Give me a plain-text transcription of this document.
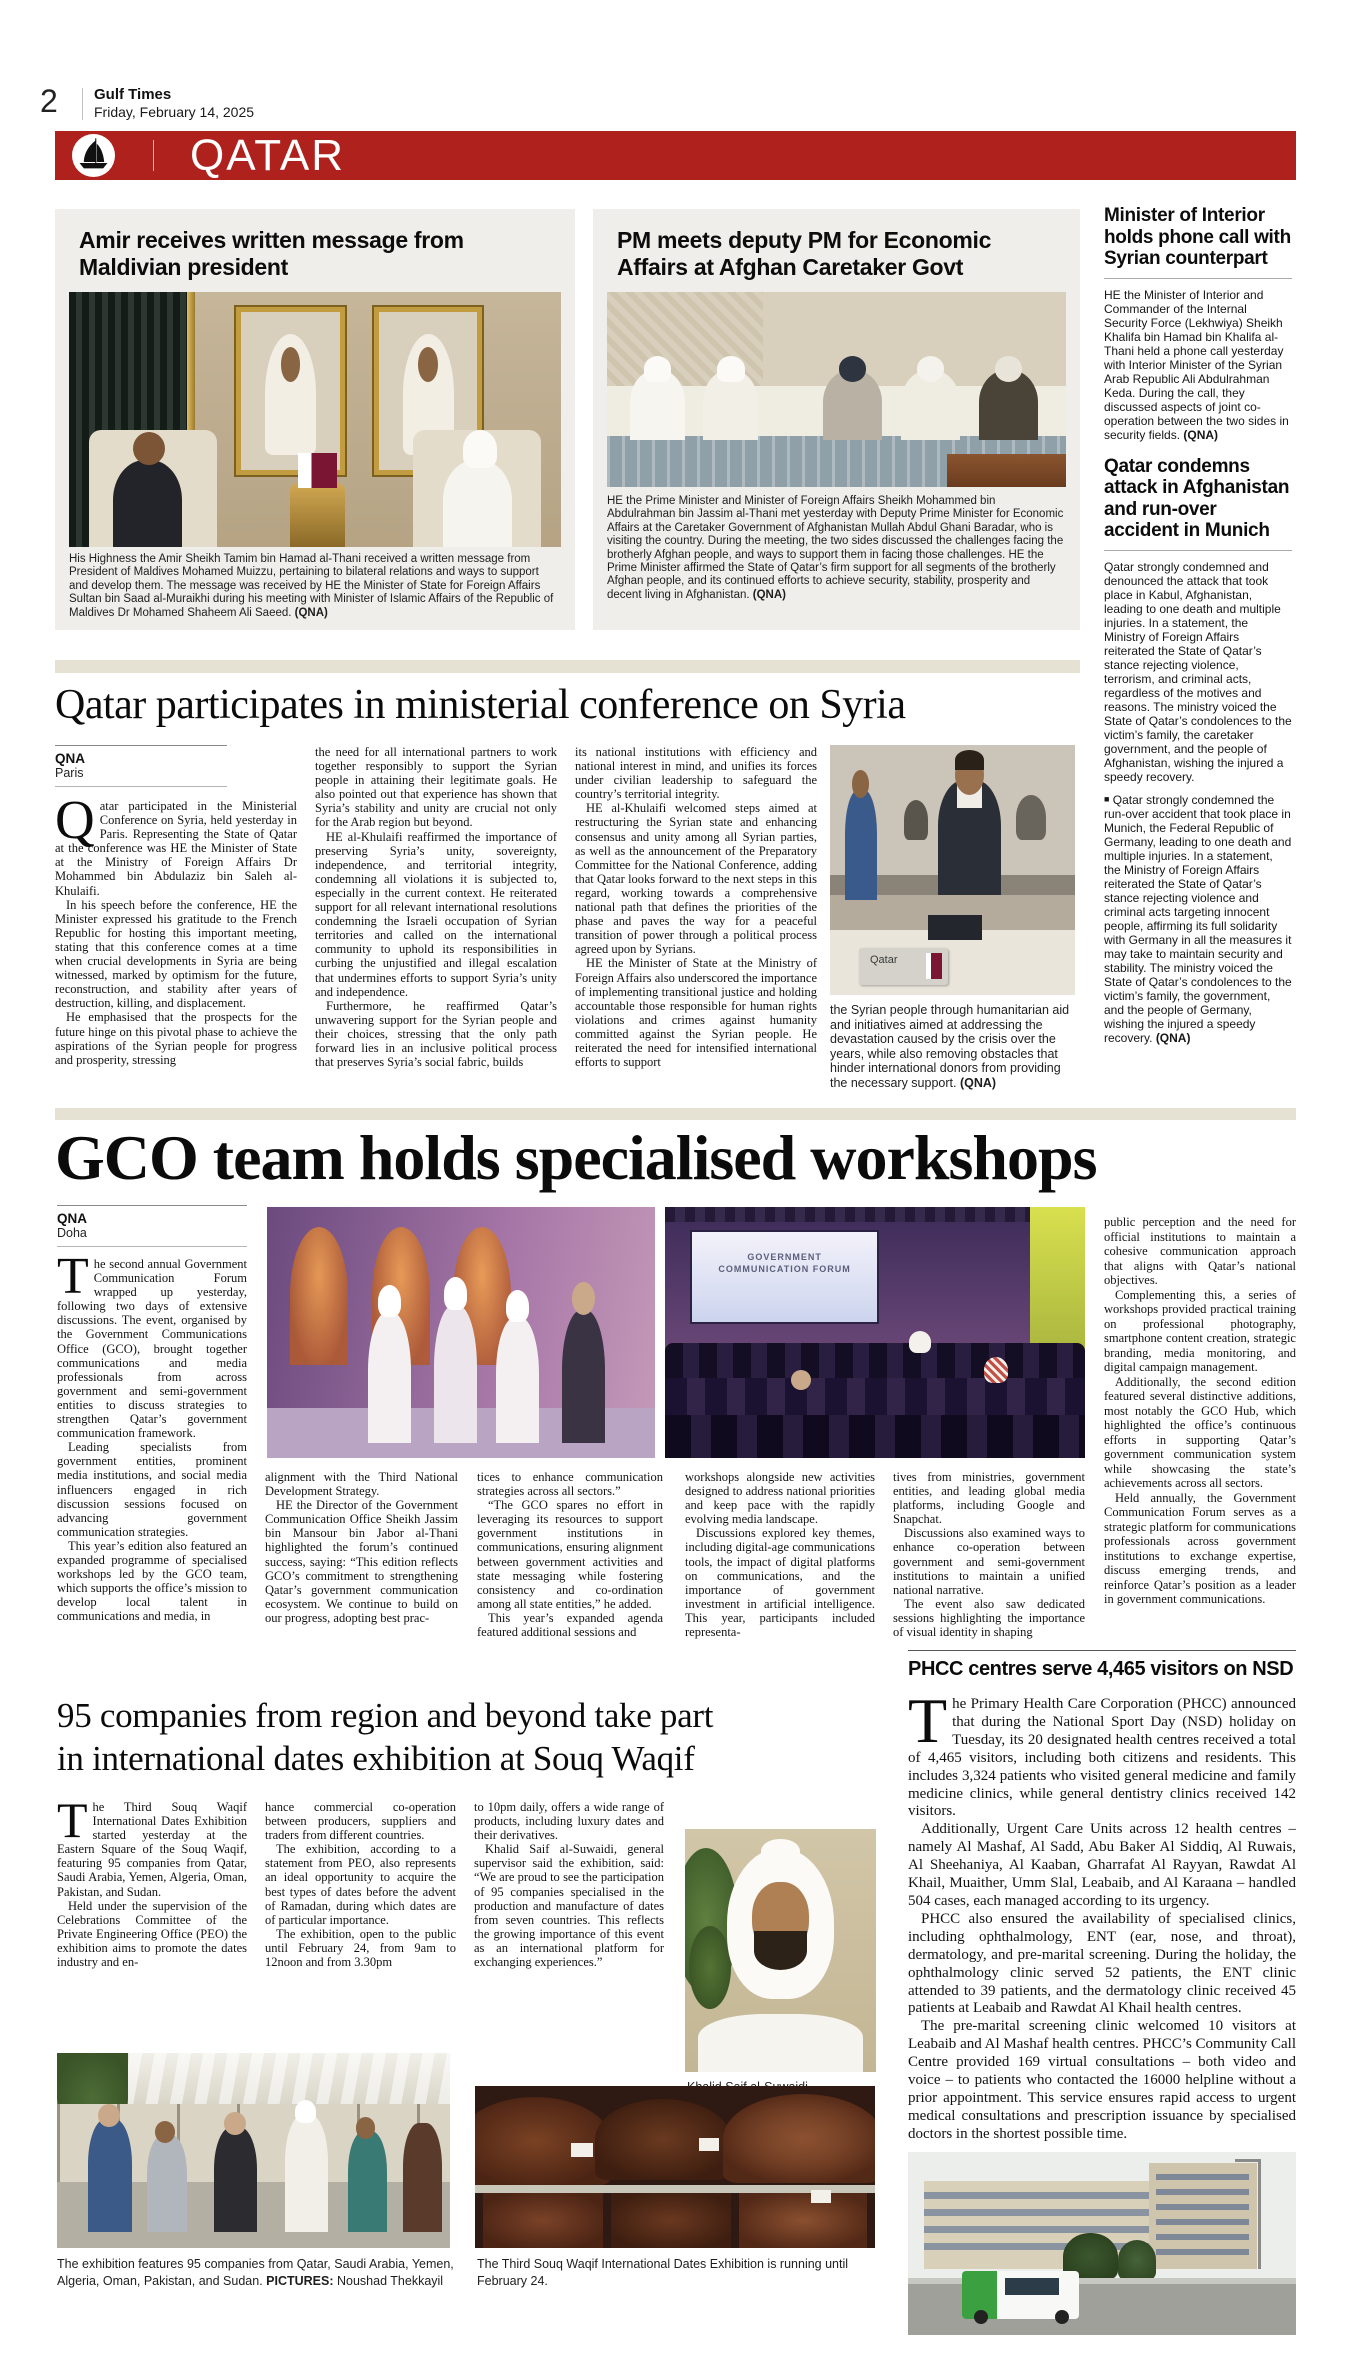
2 Gulf Times
Friday, February 14, 2025
QATAR
Amir receives written message from Maldivian president
His Highness the Amir Sheikh Tamim bin Hamad al-Thani received a written message from President of Maldives Mohamed Muizzu, pertaining to bilateral relations and ways to support and develop them. The message was received by HE the Minister of State for Foreign Affairs Sultan bin Saad al-Muraikhi during his meeting with Minister of Islamic Affairs of the Republic of Maldives Dr Mohamed Shaheem Ali Saeed. (QNA)
PM meets deputy PM for Economic Affairs at Afghan Caretaker Govt
HE the Prime Minister and Minister of Foreign Affairs Sheikh Mohammed bin Abdulrahman bin Jassim al-Thani met yesterday with Deputy Prime Minister for Economic Affairs at the Caretaker Government of Afghanistan Mullah Abdul Ghani Baradar, who is visiting the country. During the meeting, the two sides discussed the challenges facing the brotherly Afghan people, and ways to support them in facing those challenges. HE the Prime Minister affirmed the State of Qatar’s firm support for all segments of the brotherly Afghan people, and its continued efforts to achieve security, stability, prosperity and decent living in Afghanistan. (QNA)
Minister of Interior holds phone call with Syrian counterpart

HE the Minister of Interior and Commander of the Internal Security Force (Lekhwiya) Sheikh Khalifa bin Hamad bin Khalifa al-Thani held a phone call yesterday with Interior Minister of the Syrian Arab Republic Ali Abdulrahman Keda. During the call, they discussed aspects of joint co-operation between the two sides in security fields. (QNA)

Qatar condemns attack in Afghanistan and run-over accident in Munich

Qatar strongly condemned and denounced the attack that took place in Kabul, Afghanistan, leading to one death and multiple injuries. In a statement, the Ministry of Foreign Affairs reiterated the State of Qatar’s stance rejecting violence, terrorism, and criminal acts, regardless of the motives and reasons. The ministry voiced the State of Qatar’s condolences to the victim’s family, the caretaker government, and the people of Afghanistan, wishing the injured a speedy recovery.

■ Qatar strongly condemned the run-over accident that took place in Munich, the Federal Republic of Germany, leading to one death and multiple injuries. In a statement, the Ministry of Foreign Affairs reiterated the State of Qatar’s stance rejecting violence and criminal acts targeting innocent people, affirming its full solidarity with Germany in all the measures it may take to maintain security and stability. The ministry voiced the State of Qatar’s condolences to the victim’s family, the government, and the people of Germany, wishing the injured a speedy recovery. (QNA)

Qatar participates in ministerial conference on Syria
QNA
Paris

Qatar participated in the Ministerial Conference on Syria, held yesterday in Paris. Representing the State of Qatar at the conference was HE the Minister of State at the Ministry of Foreign Affairs Dr Mohammed bin Abdulaziz bin Saleh al-Khulaifi.

In his speech before the conference, HE the Minister expressed his gratitude to the French Republic for hosting this important meeting, stating that this conference comes at a time when crucial developments in Syria are being witnessed, marked by optimism for the future, reconstruction, and stability after years of destruction, killing, and displacement.

He emphasised that the prospects for the future hinge on this pivotal phase to achieve the aspirations of the Syrian people for progress and prosperity, stressing

the need for all international partners to work together responsibly to support the Syrian people in attaining their legitimate goals. He also pointed out that experience has shown that Syria’s stability and unity are crucial not only for the Arab region but beyond.

HE al-Khulaifi reaffirmed the importance of preserving Syria’s unity, sovereignty, independence, and territorial integrity, condemning all violations it is subjected to, especially in the current context. He reiterated support for all relevant international resolutions condemning the Israeli occupation of Syrian territories and called on the international community to uphold its responsibilities in curbing the unjustified and illegal escalation that undermines efforts to support Syria’s unity and independence.

Furthermore, he reaffirmed Qatar’s unwavering support for the Syrian people and their choices, stressing that the only path forward lies in an inclusive political process that preserves Syria’s social fabric, builds

its national institutions with efficiency and national interest in mind, and unifies its forces under civilian leadership to safeguard the country’s territorial integrity.

HE al-Khulaifi welcomed steps aimed at restructuring the Syrian state and enhancing consensus and unity among all Syrian parties, as well as the announcement of the Preparatory Committee for the National Conference, adding that Qatar looks forward to the next steps in this regard, working towards a comprehensive national path that defines the priorities of the phase and paves the way for a peaceful transition of power through a political process agreed upon by Syrians.

HE the Minister of State at the Ministry of Foreign Affairs also underscored the importance of implementing transitional justice and holding accountable those responsible for human rights violations and crimes against humanity committed against the Syrian people. He reiterated the need for intensified international efforts to support

Qatar
the Syrian people through humanitarian aid and initiatives aimed at addressing the devastation caused by the crisis over the years, while also removing obstacles that hinder international donors from providing the necessary support. (QNA)
GCO team holds specialised workshops
QNA
Doha

The second annual Government Communication Forum wrapped up yesterday, following two days of extensive discussions. The event, organised by the Government Communications Office (GCO), brought together communications and media professionals from across government and semi-government entities to discuss strategies to strengthen Qatar’s government communication framework.

Leading specialists from government entities, prominent media institutions, and social media influencers engaged in rich discussion sessions focused on advancing government communication strategies.

This year’s edition also featured an expanded programme of specialised workshops led by the GCO team, which supports the office’s mission to develop local talent in communications and media, in

GOVERNMENT COMMUNICATION FORUM

alignment with the Third National Development Strategy.

HE the Director of the Government Communication Office Sheikh Jassim bin Mansour bin Jabor al-Thani highlighted the forum’s continued success, saying: “This edition reflects GCO’s commitment to strengthening Qatar’s government communication ecosystem. We continue to build on our progress, adopting best prac-

tices to enhance communication strategies across all sectors.”

“The GCO spares no effort in leveraging its resources to support government institutions in communications, ensuring alignment between government activities and state messaging while fostering consistency and co-ordination among all state entities,” he added.

This year’s expanded agenda featured additional sessions and

workshops alongside new activities designed to address national priorities and keep pace with the rapidly evolving media landscape.

Discussions explored key themes, including digital-age communications tools, the impact of digital platforms on communications, and the importance of government investment in artificial intelligence. This year, participants included representa-

tives from ministries, government entities, and leading global media platforms, including Google and Snapchat.

Discussions also examined ways to enhance co-operation between government and semi-government institutions to maintain a unified national narrative.

The event also saw dedicated sessions highlighting the importance of visual identity in shaping

public perception and the need for official institutions to maintain a cohesive communication approach that aligns with Qatar’s national objectives.

Complementing this, a series of workshops provided practical training on professional photography, smartphone content creation, strategic branding, media monitoring, and digital campaign management.

Additionally, the second edition featured several distinctive additions, most notably the GCO Hub, which highlighted the office’s continuous efforts in supporting Qatar’s government communication system while showcasing the state’s achievements across all sectors.

Held annually, the Government Communication Forum serves as a strategic platform for communications professionals across government institutions to exchange expertise, discuss emerging trends, and reinforce Qatar’s position as a leader in government communications.

95 companies from region and beyond take part
in international dates exhibition at Souq Waqif

The Third Souq Waqif International Dates Exhibition started yesterday at the Eastern Square of the Souq Waqif, featuring 95 companies from Qatar, Saudi Arabia, Yemen, Algeria, Oman, Pakistan, and Sudan.

Held under the supervision of the Celebrations Committee of the Private Engineering Office (PEO) the exhibition aims to promote the dates industry and en-

hance commercial co-operation between producers, suppliers and traders from different countries.

The exhibition, according to a statement from PEO, also represents an ideal opportunity to acquire the best types of dates before the advent of Ramadan, during which dates are of particular importance.

The exhibition, open to the public until February 24, from 9am to 12noon and from 3.30pm

to 10pm daily, offers a wide range of products, including luxury dates and their derivatives.

Khalid Saif al-Suwaidi, general supervisor said the exhibition, said: “We are proud to see the participation of 95 companies specialised in the production and manufacture of dates from seven countries. This reflects the growing importance of this event as an international platform for exchanging experiences.”

The exhibition features 95 companies from Qatar, Saudi Arabia, Yemen, Algeria, Oman, Pakistan, and Sudan. PICTURES: Noushad Thekkayil
The Third Souq Waqif International Dates Exhibition is running until February 24.
PHCC centres serve 4,465 visitors on NSD

The Primary Health Care Corporation (PHCC) announced that during the National Sport Day (NSD) holiday on Tuesday, its 20 designated health centres received a total of 4,465 visitors, including both citizens and residents. This includes 3,324 patients who visited general medicine and family medicine clinics, while general dentistry clinics received 142 visitors.

Additionally, Urgent Care Units across 12 health centres – namely Al Mashaf, Al Sadd, Abu Baker Al Siddiq, Al Ruwais, Al Sheehaniya, Al Kaaban, Gharrafat Al Rayyan, Rawdat Al Khail, Muaither, Umm Slal, Leabaib, and Al Karaana – handled 504 cases, each managed according to its urgency.

PHCC also ensured the availability of specialised clinics, including ophthalmology, ENT (ear, nose, and throat), dermatology, and pre-marital screening. During the holiday, the ophthalmology clinic served 52 patients, the ENT clinic attended to 39 patients, and the dermatology clinic received 45 patients at Leabaib and Rawdat Al Khail health centres.

The pre-marital screening clinic welcomed 10 visitors at Leabaib and Al Mashaf health centres. PHCC’s Community Call Centre provided 169 virtual consultations – both video and voice – to patients who contacted the 16000 helpline without a prior appointment. This service ensures rapid access to urgent medical consultations and prescription issuance by specialised doctors in the shortest possible time.
